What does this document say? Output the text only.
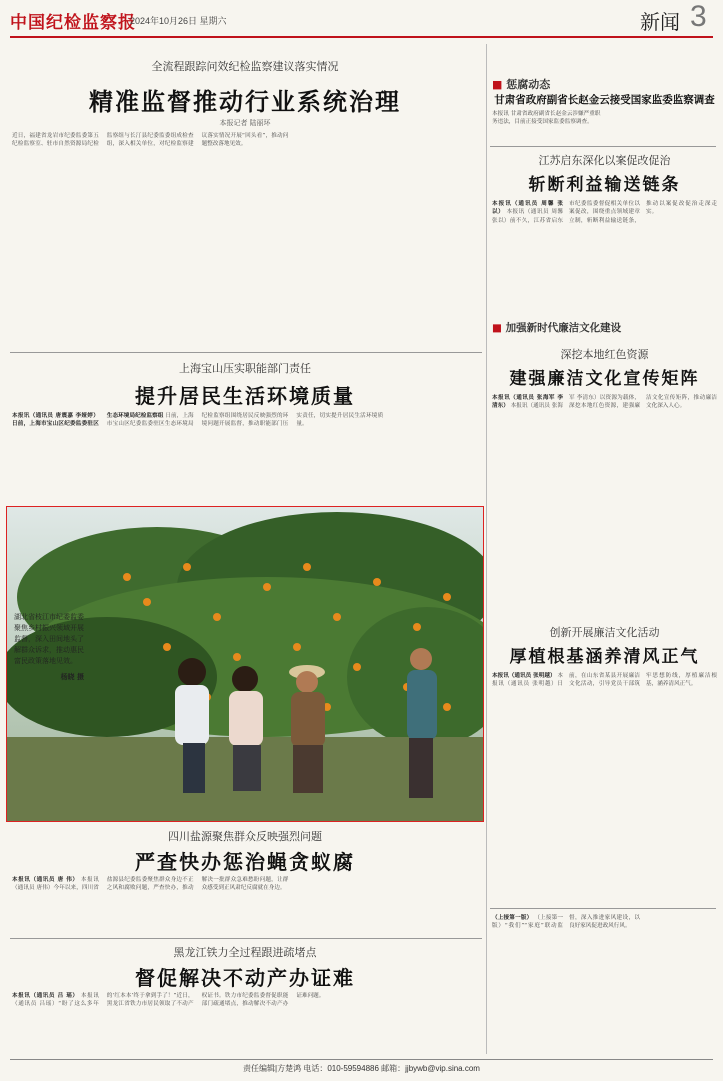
中国纪检监察报
2024年10月26日 星期六	新闻 3
全流程跟踪问效纪检监察建议落实情况
精准监督推动行业系统治理
本报记者 陆丽环
近日，福建省龙岩市纪委监委第五纪检监察室、驻市自然资源局纪检监察组与长汀县纪委监委组成检查组，深入相关单位，对纪检监察建议落实情况开展“回头看”，推动问题整改落地见效。
上海宝山压实职能部门责任
提升居民生活环境质量
本报讯（通讯员 唐震嘉 李娅婷）日前，上海市宝山区纪委监委驻区生态环境局纪检监察组 日前，上海市宝山区纪委监委驻区生态环境局纪检监察组围绕居民反映强烈的环境问题开展监督，推动职能部门压实责任，切实提升居民生活环境质量。
湖北省枝江市纪委监委聚焦乡村振兴领域开展监督，深入田间地头了解群众诉求，推动惠民富民政策落地见效。
杨晓 摄
四川盐源聚焦群众反映强烈问题
严查快办惩治蝇贪蚁腐
本报讯（通讯员 唐 伟） 本报讯（通讯员 唐伟）今年以来，四川省盐源县纪委监委聚焦群众身边不正之风和腐败问题，严查快办，推动解决一批群众急难愁盼问题，让群众感受到正风肃纪反腐就在身边。
黑龙江铁力全过程跟进疏堵点
督促解决不动产办证难
本报讯（通讯员 吕 瑶） 本报讯（通讯员 吕瑶）“盼了这么多年的‘红本本’终于拿到手了！”近日，黑龙江省铁力市居民领取了不动产权证书。铁力市纪委监委督促职能部门疏通堵点，推动解决不动产办证难问题。
■ 惩腐动态
甘肃省政府副省长赵金云接受国家监委监察调查
本报讯 甘肃省政府副省长赵金云涉嫌严重职务违法，目前正接受国家监委监察调查。
江苏启东深化以案促改促治
斩断利益输送链条
本报讯（通讯员 周馨 张以） 本报讯（通讯员 周馨 张以）前不久，江苏省启东市纪委监委督促相关单位以案促改，围绕重点领域建章立制，斩断利益输送链条，推动以案促改促治走深走实。
■ 加强新时代廉洁文化建设
深挖本地红色资源
建强廉洁文化宣传矩阵
本报讯（通讯员 张海军 李清东） 本报讯（通讯员 张海军 李清东）以资源为载体，深挖本地红色资源，建强廉洁文化宣传矩阵，推动廉洁文化深入人心。
创新开展廉洁文化活动
厚植根基涵养清风正气
本报讯（通讯员 张明越） 本报讯（通讯员 张明越）日前，在山东省某县开展廉洁文化活动，引导党员干部筑牢思想防线，厚植廉洁根基，涵养清风正气。
（上接第一版） （上接第一版）“我们”“家庭”联动监督，深入推进家风建设，以良好家风促进政风行风。
责任编辑|方楚鸿 电话：010-59594886 邮箱：jjbywb@vip.sina.com
